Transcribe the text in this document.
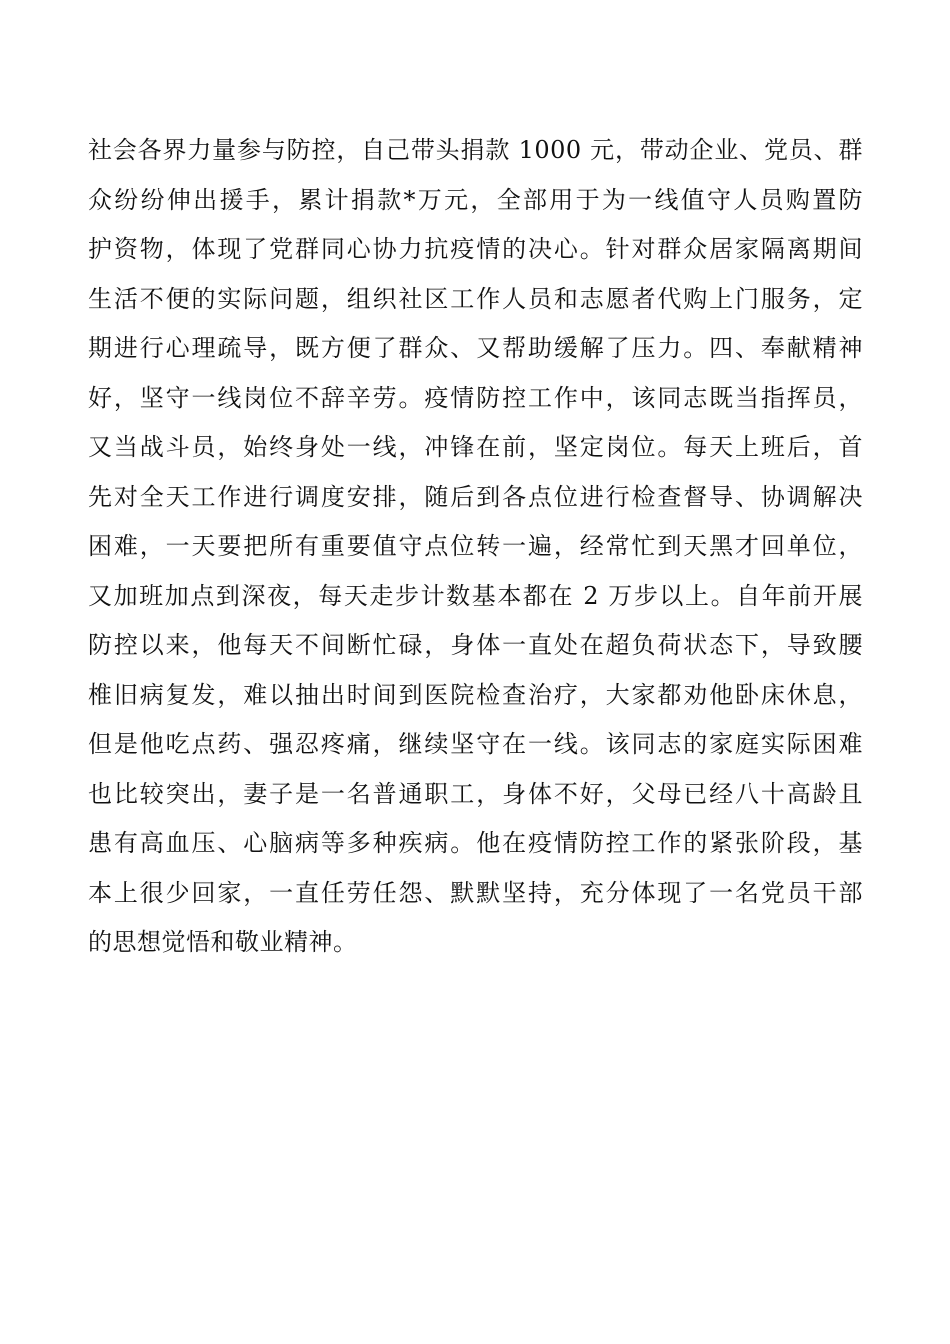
社会各界力量参与防控，自己带头捐款 1000 元，带动企业、党员、群
众纷纷伸出援手，累计捐款*万元，全部用于为一线值守人员购置防
护资物，体现了党群同心协力抗疫情的决心。针对群众居家隔离期间
生活不便的实际问题，组织社区工作人员和志愿者代购上门服务，定
期进行心理疏导，既方便了群众、又帮助缓解了压力。四、奉献精神
好，坚守一线岗位不辞辛劳。疫情防控工作中，该同志既当指挥员，
又当战斗员，始终身处一线，冲锋在前，坚定岗位。每天上班后，首
先对全天工作进行调度安排，随后到各点位进行检查督导、协调解决
困难，一天要把所有重要值守点位转一遍，经常忙到天黑才回单位，
又加班加点到深夜，每天走步计数基本都在 2 万步以上。自年前开展
防控以来，他每天不间断忙碌，身体一直处在超负荷状态下，导致腰
椎旧病复发，难以抽出时间到医院检查治疗，大家都劝他卧床休息，
但是他吃点药、强忍疼痛，继续坚守在一线。该同志的家庭实际困难
也比较突出，妻子是一名普通职工，身体不好，父母已经八十高龄且
患有高血压、心脑病等多种疾病。他在疫情防控工作的紧张阶段，基
本上很少回家，一直任劳任怨、默默坚持，充分体现了一名党员干部
的思想觉悟和敬业精神。
